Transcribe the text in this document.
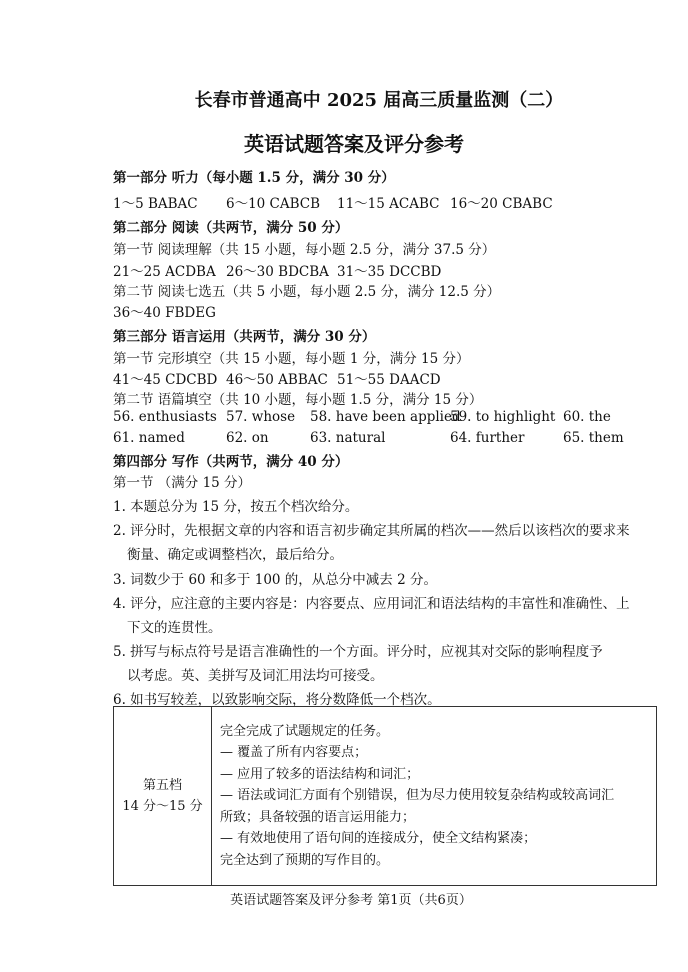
长春市普通高中 2025 届高三质量监测（二）
英语试题答案及评分参考
第一部分 听力（每小题 1.5 分，满分 30 分）
1～5 BABAC 6～10 CABCB 11～15 ACABC 16～20 CBABC
第二部分 阅读（共两节，满分 50 分）
第一节 阅读理解（共 15 小题，每小题 2.5 分，满分 37.5 分）
21～25 ACDBA 26～30 BDCBA 31～35 DCCBD
第二节 阅读七选五（共 5 小题，每小题 2.5 分，满分 12.5 分）
36～40 FBDEG
第三部分 语言运用（共两节，满分 30 分）
第一节 完形填空（共 15 小题，每小题 1 分，满分 15 分）
41～45 CDCBD 46～50 ABBAC 51～55 DAACD
第二节 语篇填空（共 10 小题，每小题 1.5 分，满分 15 分）
56. enthusiasts 57. whose 58. have been applied
59. to highlight 60. the
61. named	62. on	63. natural	64. further	65. them
第四部分 写作（共两节，满分 40 分）
第一节 （满分 15 分）
1. 本题总分为 15 分，按五个档次给分。
2. 评分时，先根据文章的内容和语言初步确定其所属的档次——然后以该档次的要求来
衡量、确定或调整档次，最后给分。
3. 词数少于 60 和多于 100 的，从总分中减去 2 分。
4. 评分，应注意的主要内容是：内容要点、应用词汇和语法结构的丰富性和准确性、上
下文的连贯性。
5. 拼写与标点符号是语言准确性的一个方面。评分时，应视其对交际的影响程度予
以考虑。英、美拼写及词汇用法均可接受。
6. 如书写较差，以致影响交际，将分数降低一个档次。
第五档
14 分～15 分

完全完成了试题规定的任务。
— 覆盖了所有内容要点；
— 应用了较多的语法结构和词汇；
— 语法或词汇方面有个别错误，但为尽力使用较复杂结构或较高词汇
所致；具备较强的语言运用能力；
— 有效地使用了语句间的连接成分，使全文结构紧凑；
完全达到了预期的写作目的。
英语试题答案及评分参考 第1页（共6页）
